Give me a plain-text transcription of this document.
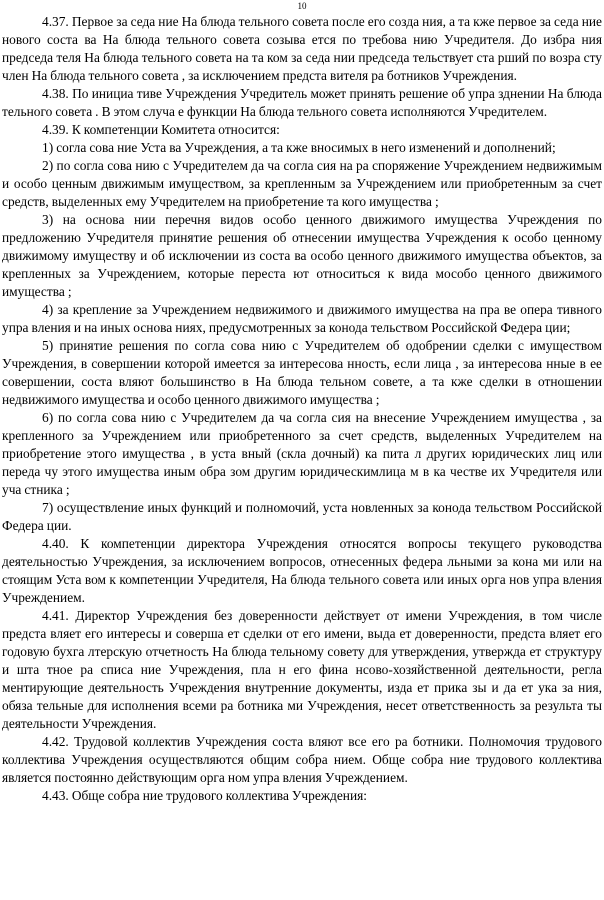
10

4.37. Первое за седа ние На блюда тельного совета после его созда ния, а та кже первое за седа ние нового соста ва На блюда тельного совета созыва ется по требова нию Учредителя. До избра ния председа теля На блюда тельного совета на та ком за седа нии председа тельствует ста рший по возра сту член На блюда тельного совета , за исключением предста вителя ра ботников Учреждения.

4.38. По инициа тиве Учреждения Учредитель может принять решение об упра зднении На блюда тельного совета . В этом случа е функции На блюда тельного совета исполняются Учредителем.

4.39. К компетенции Комитета относится:

1) согла сова ние Уста ва Учреждения, а та кже вносимых в него изменений и дополнений;

2) по согла сова нию с Учредителем да ча согла сия на ра споряжение Учреждением недвижимым и особо ценным движимым имуществом, за крепленным за Учреждением или приобретенным за счет средств, выделенных ему Учредителем на приобретение та кого имущества ;

3) на основа нии перечня видов особо ценного движимого имущества Учреждения по предложению Учредителя принятие решения об отнесении имущества Учреждения к особо ценному движимому имуществу и об исключении из соста ва особо ценного движимого имущества объектов, за крепленных за Учреждением, которые переста ют относиться к вида мособо ценного движимого имущества ;

4) за крепление за Учреждением недвижимого и движимого имущества на пра ве опера тивного упра вления и на иных основа ниях, предусмотренных за конода тельством Российской Федера ции;

5) принятие решения по согла сова нию с Учредителем об одобрении сделки с имуществом Учреждения, в совершении которой имеется за интересова нность, если лица , за интересова нные в ее совершении, соста вляют большинство в На блюда тельном совете, а та кже сделки в отношении недвижимого имущества и особо ценного движимого имущества ;

6) по согла сова нию с Учредителем да ча согла сия на внесение Учреждением имущества , за крепленного за Учреждением или приобретенного за счет средств, выделенных Учредителем на приобретение этого имущества , в уста вный (скла дочный) ка пита л других юридических лиц или переда чу этого имущества иным обра зом другим юридическимлица м в ка честве их Учредителя или уча стника ;

7) осуществление иных функций и полномочий, уста новленных за конода тельством Российской Федера ции.

4.40. К компетенции директора Учреждения относятся вопросы текущего руководства деятельностью Учреждения, за исключением вопросов, отнесенных федера льными за кона ми или на стоящим Уста вом к компетенции Учредителя, На блюда тельного совета или иных орга нов упра вления Учреждением.

4.41. Директор Учреждения без доверенности действует от имени Учреждения, в том числе предста вляет его интересы и соверша ет сделки от его имени, выда ет доверенности, предста вляет его годовую бухга лтерскую отчетность На блюда тельному совету для утверждения, утвержда ет структуру и шта тное ра списа ние Учреждения, пла н его фина нсово-хозяйственной деятельности, регла ментирующие деятельность Учреждения внутренние документы, изда ет прика зы и да ет ука за ния, обяза тельные для исполнения всеми ра ботника ми Учреждения, несет ответственность за результа ты деятельности Учреждения.

4.42. Трудовой коллектив Учреждения соста вляют все его ра ботники. Полномочия трудового коллектива Учреждения осуществляются общим собра нием. Обще собра ние трудового коллектива является постоянно действующим орга ном упра вления Учреждением.

4.43. Обще собра ние трудового коллектива Учреждения:
